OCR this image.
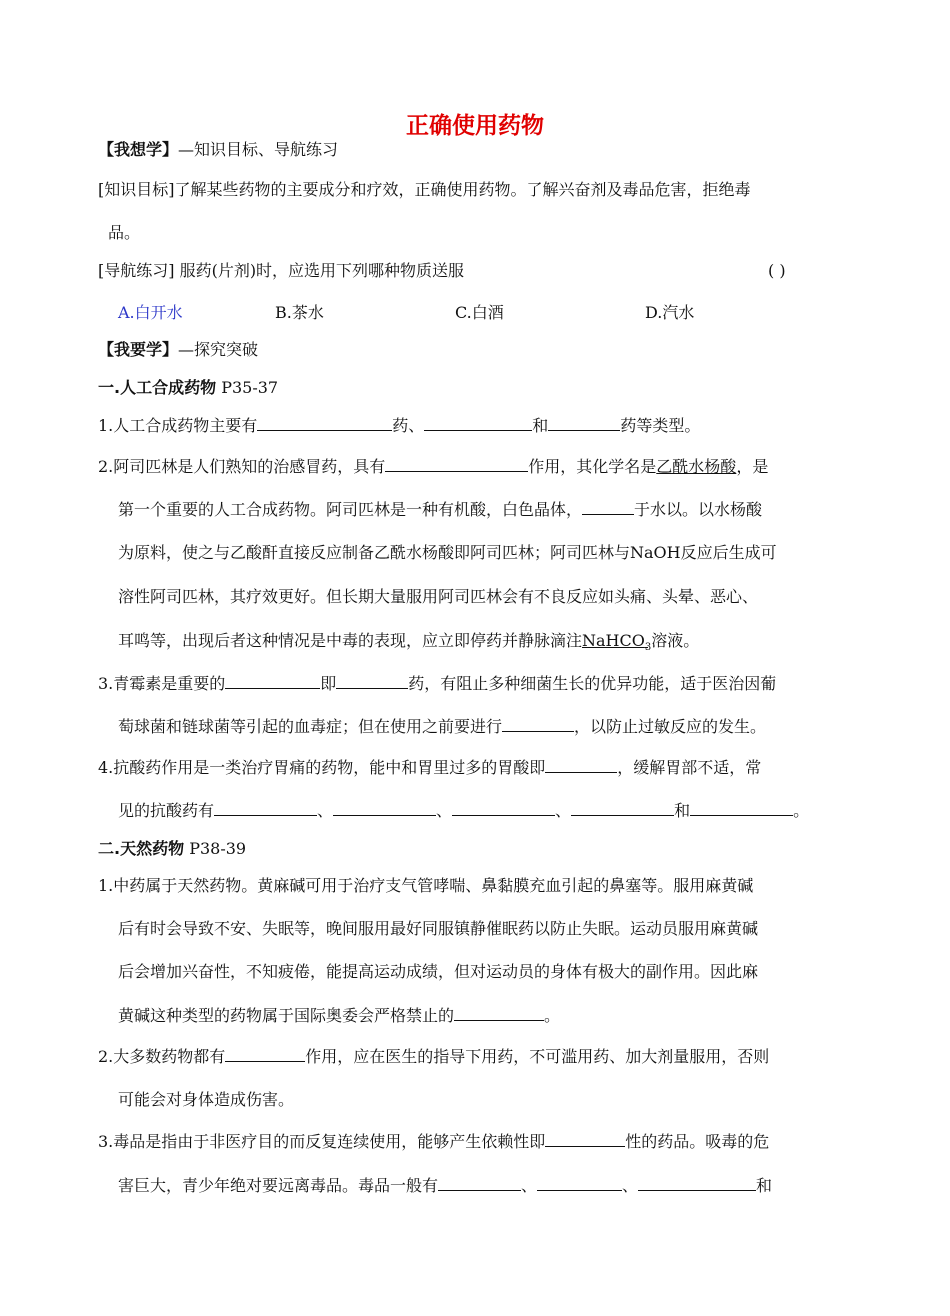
正确使用药物
【我想学】—知识目标、导航练习
[知识目标]了解某些药物的主要成分和疗效，正确使用药物。了解兴奋剂及毒品危害，拒绝毒
品。
[导航练习] 服药(片剂)时，应选用下列哪种物质送服	( )
A.白开水	B.茶水	C.白酒	D.汽水
【我要学】—探究突破
一.人工合成药物 P35-37
1.人工合成药物主要有	药、	和	药等类型。
2.阿司匹林是人们熟知的治感冒药，具有	作用，其化学名是乙酰水杨酸，是
第一个重要的人工合成药物。阿司匹林是一种有机酸，白色晶体，	于水以。以水杨酸
为原料，使之与乙酸酐直接反应制备乙酰水杨酸即阿司匹林；阿司匹林与NaOH反应后生成可
溶性阿司匹林，其疗效更好。但长期大量服用阿司匹林会有不良反应如头痛、头晕、恶心、
耳鸣等，出现后者这种情况是中毒的表现，应立即停药并静脉滴注NaHCO$_3$溶液。
3.青霉素是重要的	即	药，有阻止多种细菌生长的优异功能，适于医治因葡
萄球菌和链球菌等引起的血毒症；但在使用之前要进行	，以防止过敏反应的发生。
4.抗酸药作用是一类治疗胃痛的药物，能中和胃里过多的胃酸即	，缓解胃部不适，常
见的抗酸药有	、	、	、	和	。
二.天然药物 P38-39
1.中药属于天然药物。黄麻碱可用于治疗支气管哮喘、鼻黏膜充血引起的鼻塞等。服用麻黄碱
后有时会导致不安、失眠等，晚间服用最好同服镇静催眠药以防止失眠。运动员服用麻黄碱
后会增加兴奋性，不知疲倦，能提高运动成绩，但对运动员的身体有极大的副作用。因此麻
黄碱这种类型的药物属于国际奥委会严格禁止的	。
2.大多数药物都有	作用，应在医生的指导下用药，不可滥用药、加大剂量服用，否则
可能会对身体造成伤害。
3.毒品是指由于非医疗目的而反复连续使用，能够产生依赖性即	性的药品。吸毒的危
害巨大，青少年绝对要远离毒品。毒品一般有	、	、	和
